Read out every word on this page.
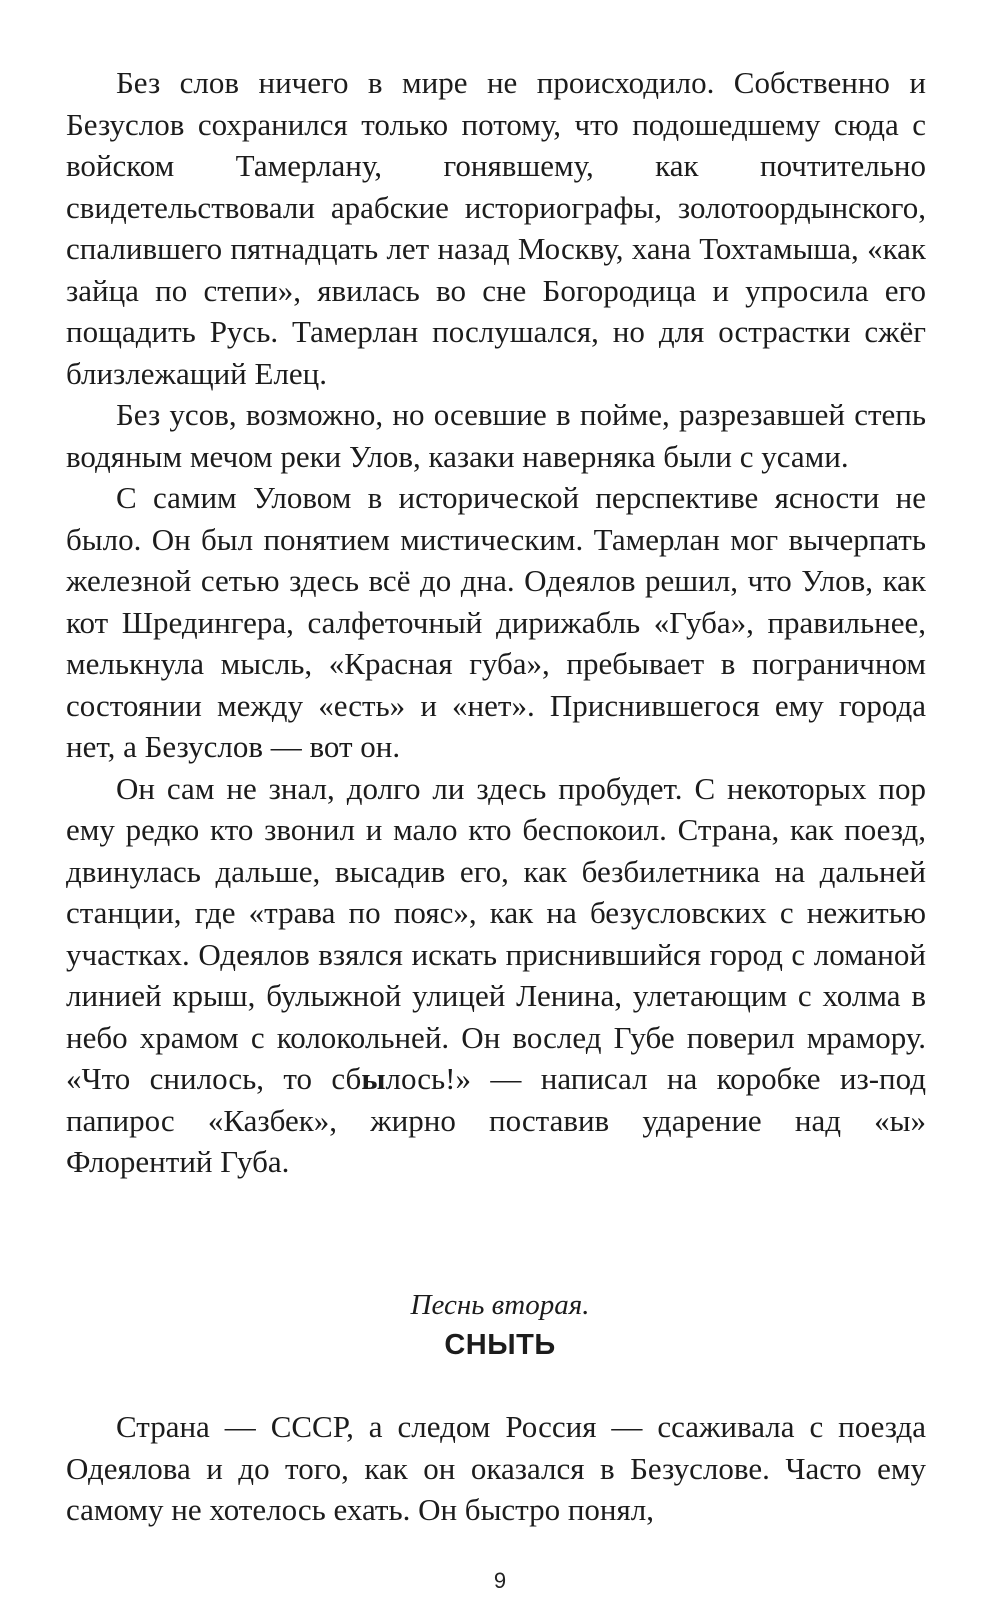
Без слов ничего в мире не происходило. Собственно и Безуслов сохранился только потому, что подошедшему сюда с войском Тамерлану, гонявшему, как почтительно свидетельствовали арабские историографы, золотоордынского, спалившего пятнадцать лет назад Москву, хана Тохтамыша, «как зайца по степи», явилась во сне Богородица и упросила его пощадить Русь. Тамерлан послушался, но для острастки сжёг близлежащий Елец.

Без усов, возможно, но осевшие в пойме, разрезавшей степь водяным мечом реки Улов, казаки наверняка были с усами.

С самим Уловом в исторической перспективе ясности не было. Он был понятием мистическим. Тамерлан мог вычерпать железной сетью здесь всё до дна. Одеялов решил, что Улов, как кот Шредингера, салфеточный дирижабль «Губа», правильнее, мелькнула мысль, «Красная губа», пребывает в пограничном состоянии между «есть» и «нет». Приснившегося ему города нет, а Безуслов — вот он.

Он сам не знал, долго ли здесь пробудет. С некоторых пор ему редко кто звонил и мало кто беспокоил. Страна, как поезд, двинулась дальше, высадив его, как безбилетника на дальней станции, где «трава по пояс», как на безусловских с нежитью участках. Одеялов взялся искать приснившийся город с ломаной линией крыш, булыжной улицей Ленина, улетающим с холма в небо храмом с колокольней. Он вослед Губе поверил мрамору. «Что снилось, то сбылось!» — написал на коробке из-под папирос «Казбек», жирно поставив ударение над «ы» Флорентий Губа.

Песнь вторая.
СНЫТЬ

Страна — СССР, а следом Россия — ссаживала с поезда Одеялова и до того, как он оказался в Безуслове. Часто ему самому не хотелось ехать. Он быстро понял,

9
